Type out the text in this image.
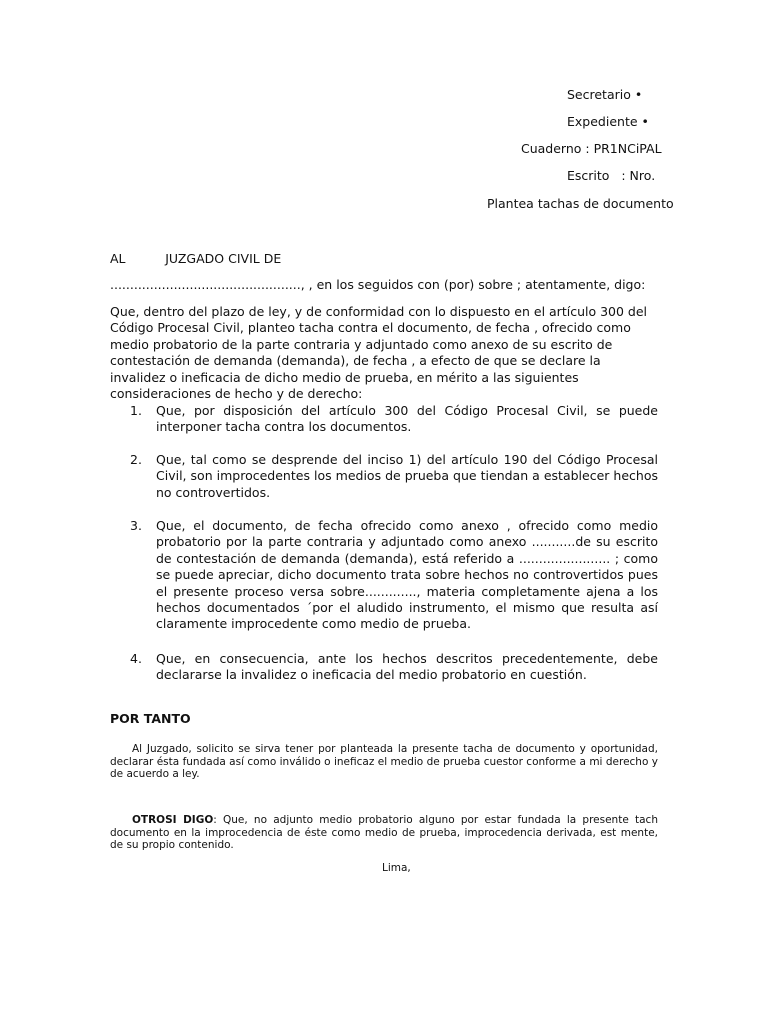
Secretario •
Expediente •
Cuaderno : PR1NCiPAL
Escrito   : Nro.
Plantea tachas de documento
AL          JUZGADO CIVIL DE
................................................, , en los seguidos con (por) sobre ; atentamente, digo:
Que, dentro del plazo de ley, y de conformidad con lo dispuesto en el artículo 300 del Código Procesal Civil, planteo tacha contra el documento, de fecha , ofrecido como medio probatorio de la parte contraria y adjuntado como anexo de su escrito de contestación de demanda (demanda), de fecha , a efecto de que se declare la invalidez o ineficacia de dicho medio de prueba, en mérito a las siguientes consideraciones de hecho y de derecho:
1.	Que, por disposición del artículo 300 del Código Procesal Civil, se puede interponer tacha contra los documentos.
2.	Que, tal como se desprende del inciso 1) del artículo 190 del Código Procesal Civil, son improcedentes los medios de prueba que tiendan a establecer hechos no controvertidos.
3.	Que, el documento, de fecha ofrecido como anexo , ofrecido como medio probatorio por la parte contraria y adjuntado como anexo ...........de su escrito de contestación de demanda (demanda), está referido a ....................... ; como se puede apreciar, dicho documento trata sobre hechos no controvertidos pues el presente proceso versa sobre............., materia completamente ajena a los hechos documentados ´por el aludido instrumento, el mismo que resulta así claramente improcedente como medio de prueba.
4.	Que, en consecuencia, ante los hechos descritos precedentemente, debe declararse la invalidez o ineficacia del medio probatorio en cuestión.
POR TANTO
Al Juzgado, solicito se sirva tener por planteada la presente tacha de documento y oportunidad, declarar ésta fundada así como inválido o ineficaz el medio de prueba cuestor conforme a mi derecho y de acuerdo a ley.
OTROSI DIGO: Que, no adjunto medio probatorio alguno por estar fundada la presente tach documento en la improcedencia de éste como medio de prueba, improcedencia derivada, est mente, de su propio contenido.
Lima,
